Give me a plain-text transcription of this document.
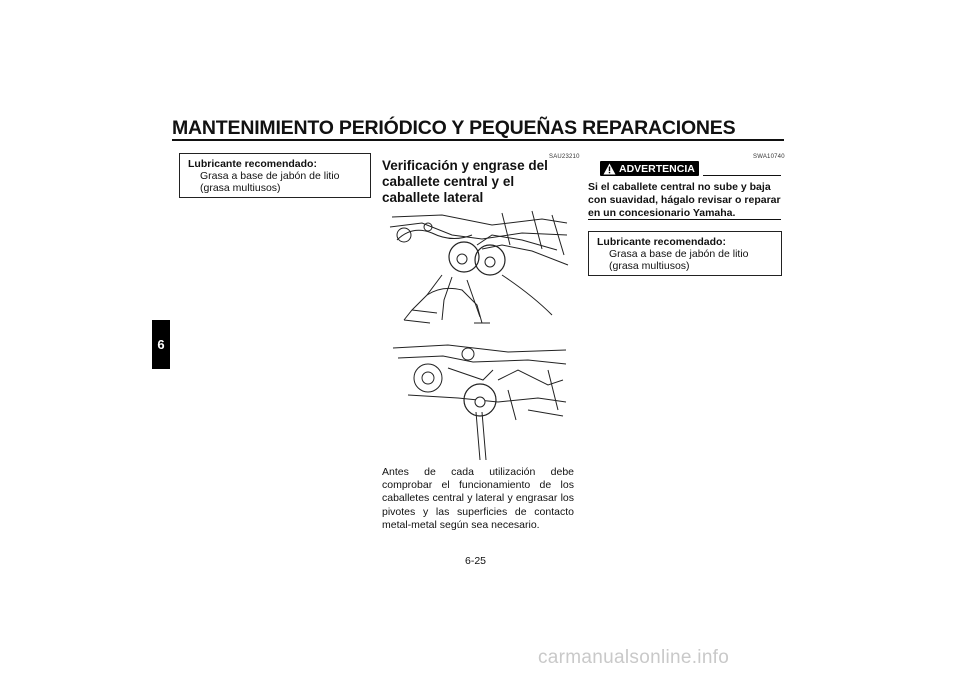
MANTENIMIENTO PERIÓDICO Y PEQUEÑAS REPARACIONES
6
Lubricante recomendado:
Grasa a base de jabón de litio (grasa multiusos)
SAU23210
Verificación y engrase del caballete central y el caballete lateral
Antes de cada utilización debe comprobar el funcionamiento de los caballetes central y lateral y engrasar los pivotes y las superficies de contacto metal-metal según sea necesario.
SWA10740
ADVERTENCIA
Si el caballete central no sube y baja con suavidad, hágalo revisar o reparar en un concesionario Yamaha.
Lubricante recomendado:
Grasa a base de jabón de litio (grasa multiusos)
6-25
carmanualsonline.info
